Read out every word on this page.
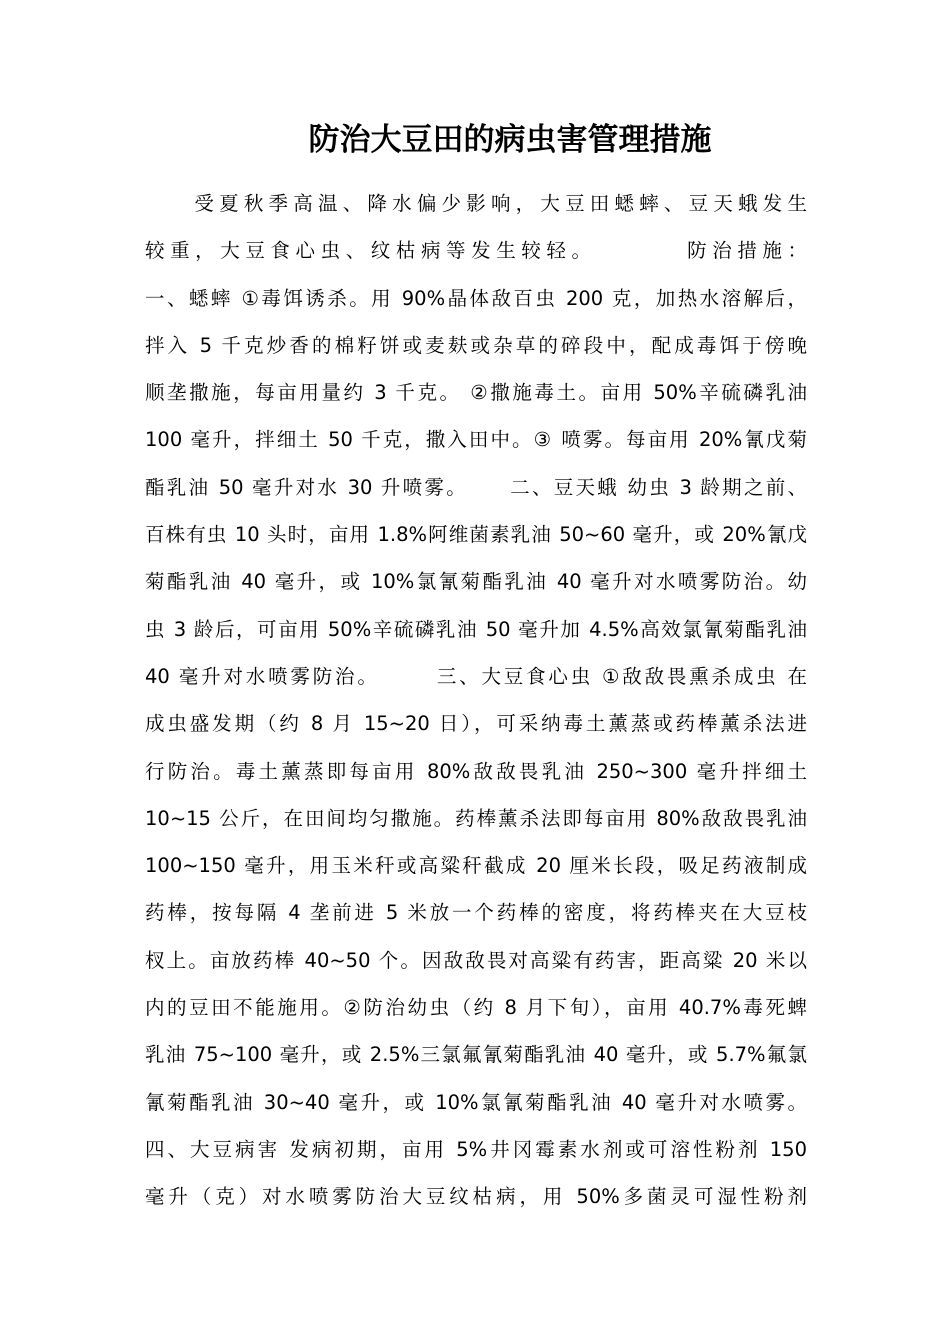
防治大豆田的病虫害管理措施
　　受夏秋季高温、降水偏少影响，大豆田蟋蟀、豆天蛾发生
较重，大豆食心虫、纹枯病等发生较轻。　　　　防治措施：
一、蟋蟀 ①毒饵诱杀。用 90%晶体敌百虫 200 克，加热水溶解后，
拌入 5 千克炒香的棉籽饼或麦麸或杂草的碎段中，配成毒饵于傍晚
顺垄撒施，每亩用量约 3 千克。 ②撒施毒土。亩用 50%辛硫磷乳油
100 毫升，拌细土 50 千克，撒入田中。③ 喷雾。每亩用 20%氰戊菊
酯乳油 50 毫升对水 30 升喷雾。　　 二、豆天蛾 幼虫 3 龄期之前、
百株有虫 10 头时，亩用 1.8%阿维菌素乳油 50~60 毫升，或 20%氰戊
菊酯乳油 40 毫升，或 10%氯氰菊酯乳油 40 毫升对水喷雾防治。幼
虫 3 龄后，可亩用 50%辛硫磷乳油 50 毫升加 4.5%高效氯氰菊酯乳油
40 毫升对水喷雾防治。　　　三、大豆食心虫 ①敌敌畏熏杀成虫 在
成虫盛发期（约 8 月 15~20 日），可采纳毒土薰蒸或药棒薰杀法进
行防治。毒土薰蒸即每亩用 80%敌敌畏乳油 250~300 毫升拌细土
10~15 公斤，在田间均匀撒施。药棒薰杀法即每亩用 80%敌敌畏乳油
100~150 毫升，用玉米秆或高粱秆截成 20 厘米长段，吸足药液制成
药棒，按每隔 4 垄前进 5 米放一个药棒的密度，将药棒夹在大豆枝
杈上。亩放药棒 40~50 个。因敌敌畏对高粱有药害，距高粱 20 米以
内的豆田不能施用。②防治幼虫（约 8 月下旬），亩用 40.7%毒死蜱
乳油 75~100 毫升，或 2.5%三氯氟氰菊酯乳油 40 毫升，或 5.7%氟氯
氰菊酯乳油 30~40 毫升，或 10%氯氰菊酯乳油 40 毫升对水喷雾。
四、大豆病害 发病初期，亩用 5%井冈霉素水剂或可溶性粉剂 150
毫升（克）对水喷雾防治大豆纹枯病，用 50%多菌灵可湿性粉剂
